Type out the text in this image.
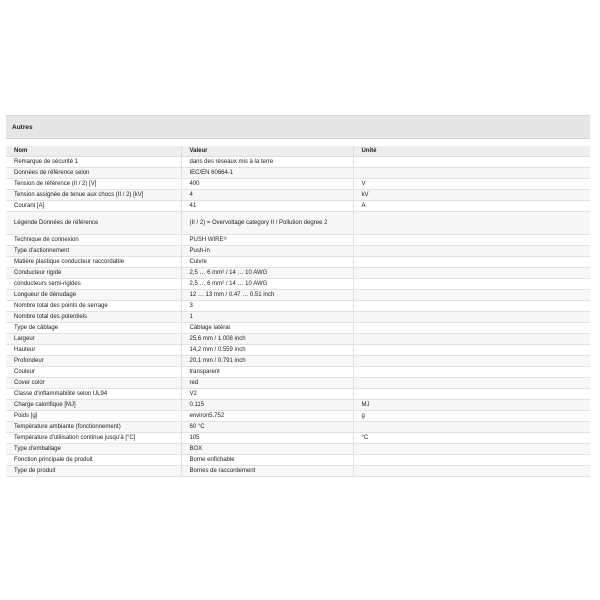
Autres
Nom	Valeur	Unité
Remarque de sécurité 1	dans des réseaux mis à la terre	
Données de référence selon	IEC/EN 60664-1	
Tension de référence (II / 2) [V]	400	V
Tension assignée de tenue aux chocs (II / 2) [kV]	4	kV
Courant [A]	41	A
Légende Données de référence	(II / 2) = Overvoltage category II / Pollution degree 2	
Technique de connexion	PUSH WIRE®	
Type d'actionnement	Push-in	
Matière plastique conducteur raccordable	Cuivre	
Conducteur rigide	2,5 … 6 mm² / 14 … 10 AWG	
conducteurs semi-rigides	2,5 … 6 mm² / 14 … 10 AWG	
Longueur de dénudage	12 … 13 mm / 0.47 … 0.51 inch	
Nombre total des points de serrage	3	
Nombre total des potentiels	1	
Type de câblage	Câblage latéral	
Largeur	25,6 mm / 1.008 inch	
Hauteur	14,2 mm / 0.559 inch	
Profondeur	20,1 mm / 0.791 inch	
Couleur	transparent	
Cover color	red	
Classe d'inflammabilité selon UL94	V2	
Charge calorifique [MJ]	0.115	MJ
Poids [g]	environ5.752	g
Température ambiante (fonctionnement)	60 °C	
Température d'utilisation continue jusqu'à [°C]	105	°C
Type d'emballage	BOX	
Fonction principale de produit	Borne enfichable	
Type de produit	Bornes de raccordement	
